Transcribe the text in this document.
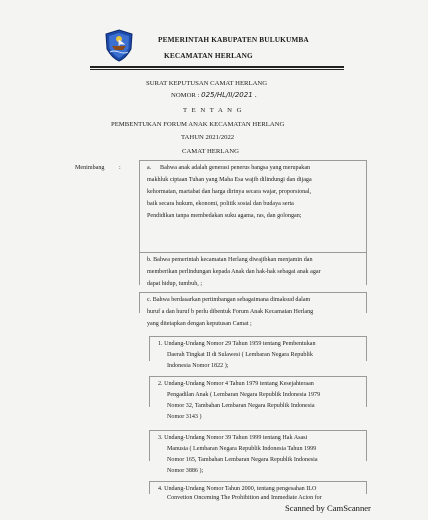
PEMERINTAH KABUPATEN BULUKUMBA
KECAMATAN HERLANG
SURAT KEPUTUSAN CAMAT HERLANG
NOMOR : 025/HL/II/2021 .
T E N T A N G
PEMBENTUKAN FORUM ANAK KECAMATAN HERLANG
TAHUN 2021/2022
CAMAT HERLANG
Menimbang :	a. Bahwa anak adalah generasi penerus bangsa yang merupakan
makhluk ciptaan Tuhan yang Maha Esa wajib dilindungi dan dijaga
kehormatan, martabat dan harga dirinya secara wajar, proporsional,
baik secara hukum, ekonomi, politik sosial dan budaya serta
Pendidikan tanpa membedakan suku agama, ras, dan golongan;
b. Bahwa pemerintah kecamatan Herlang diwajibkan menjamin dan
memberikan perlindungan kepada Anak dan hak-hak sebagai anak agar
dapat hidup, tumbuh, ;
c. Bahwa berdasarkan pertimbangan sebagaimana dimaksud dalam
huruf a dan huruf b perlu dibentuk Forum Anak Kecamatan Herlang
yang ditetapkan dengan keputusan Camat ;
1. Undang-Undang Nomor 29 Tahun 1959 tentang Pembentukan
Daerah Tingkat II di Sulawesi ( Lembaran Negara Republik
Indonesia Nomor 1822 );
2. Undang-Undang Nomor 4 Tahun 1979 tentang Kesejahteraan
Pengadilan Anak ( Lembaran Negara Republik Indonesia 1979
Nomor 32, Tambahan Lembaran Negara Republik Indonesia
Nomor 3143 )
3. Undang-Undang Nomor 39 Tahun 1999 tentang Hak Asasi
Manusia ( Lembaran Negara Republik Indonesia Tahun 1999
Nomor 165, Tambahan Lembaran Negara Republik Indonesia
Nomor 3886 );
4. Undang-Undang Nomor Tahun 2000, tentang pengesahan ILO
Convetion Onceming The Prohibition and Immediate Acion for
Scanned by CamScanner
